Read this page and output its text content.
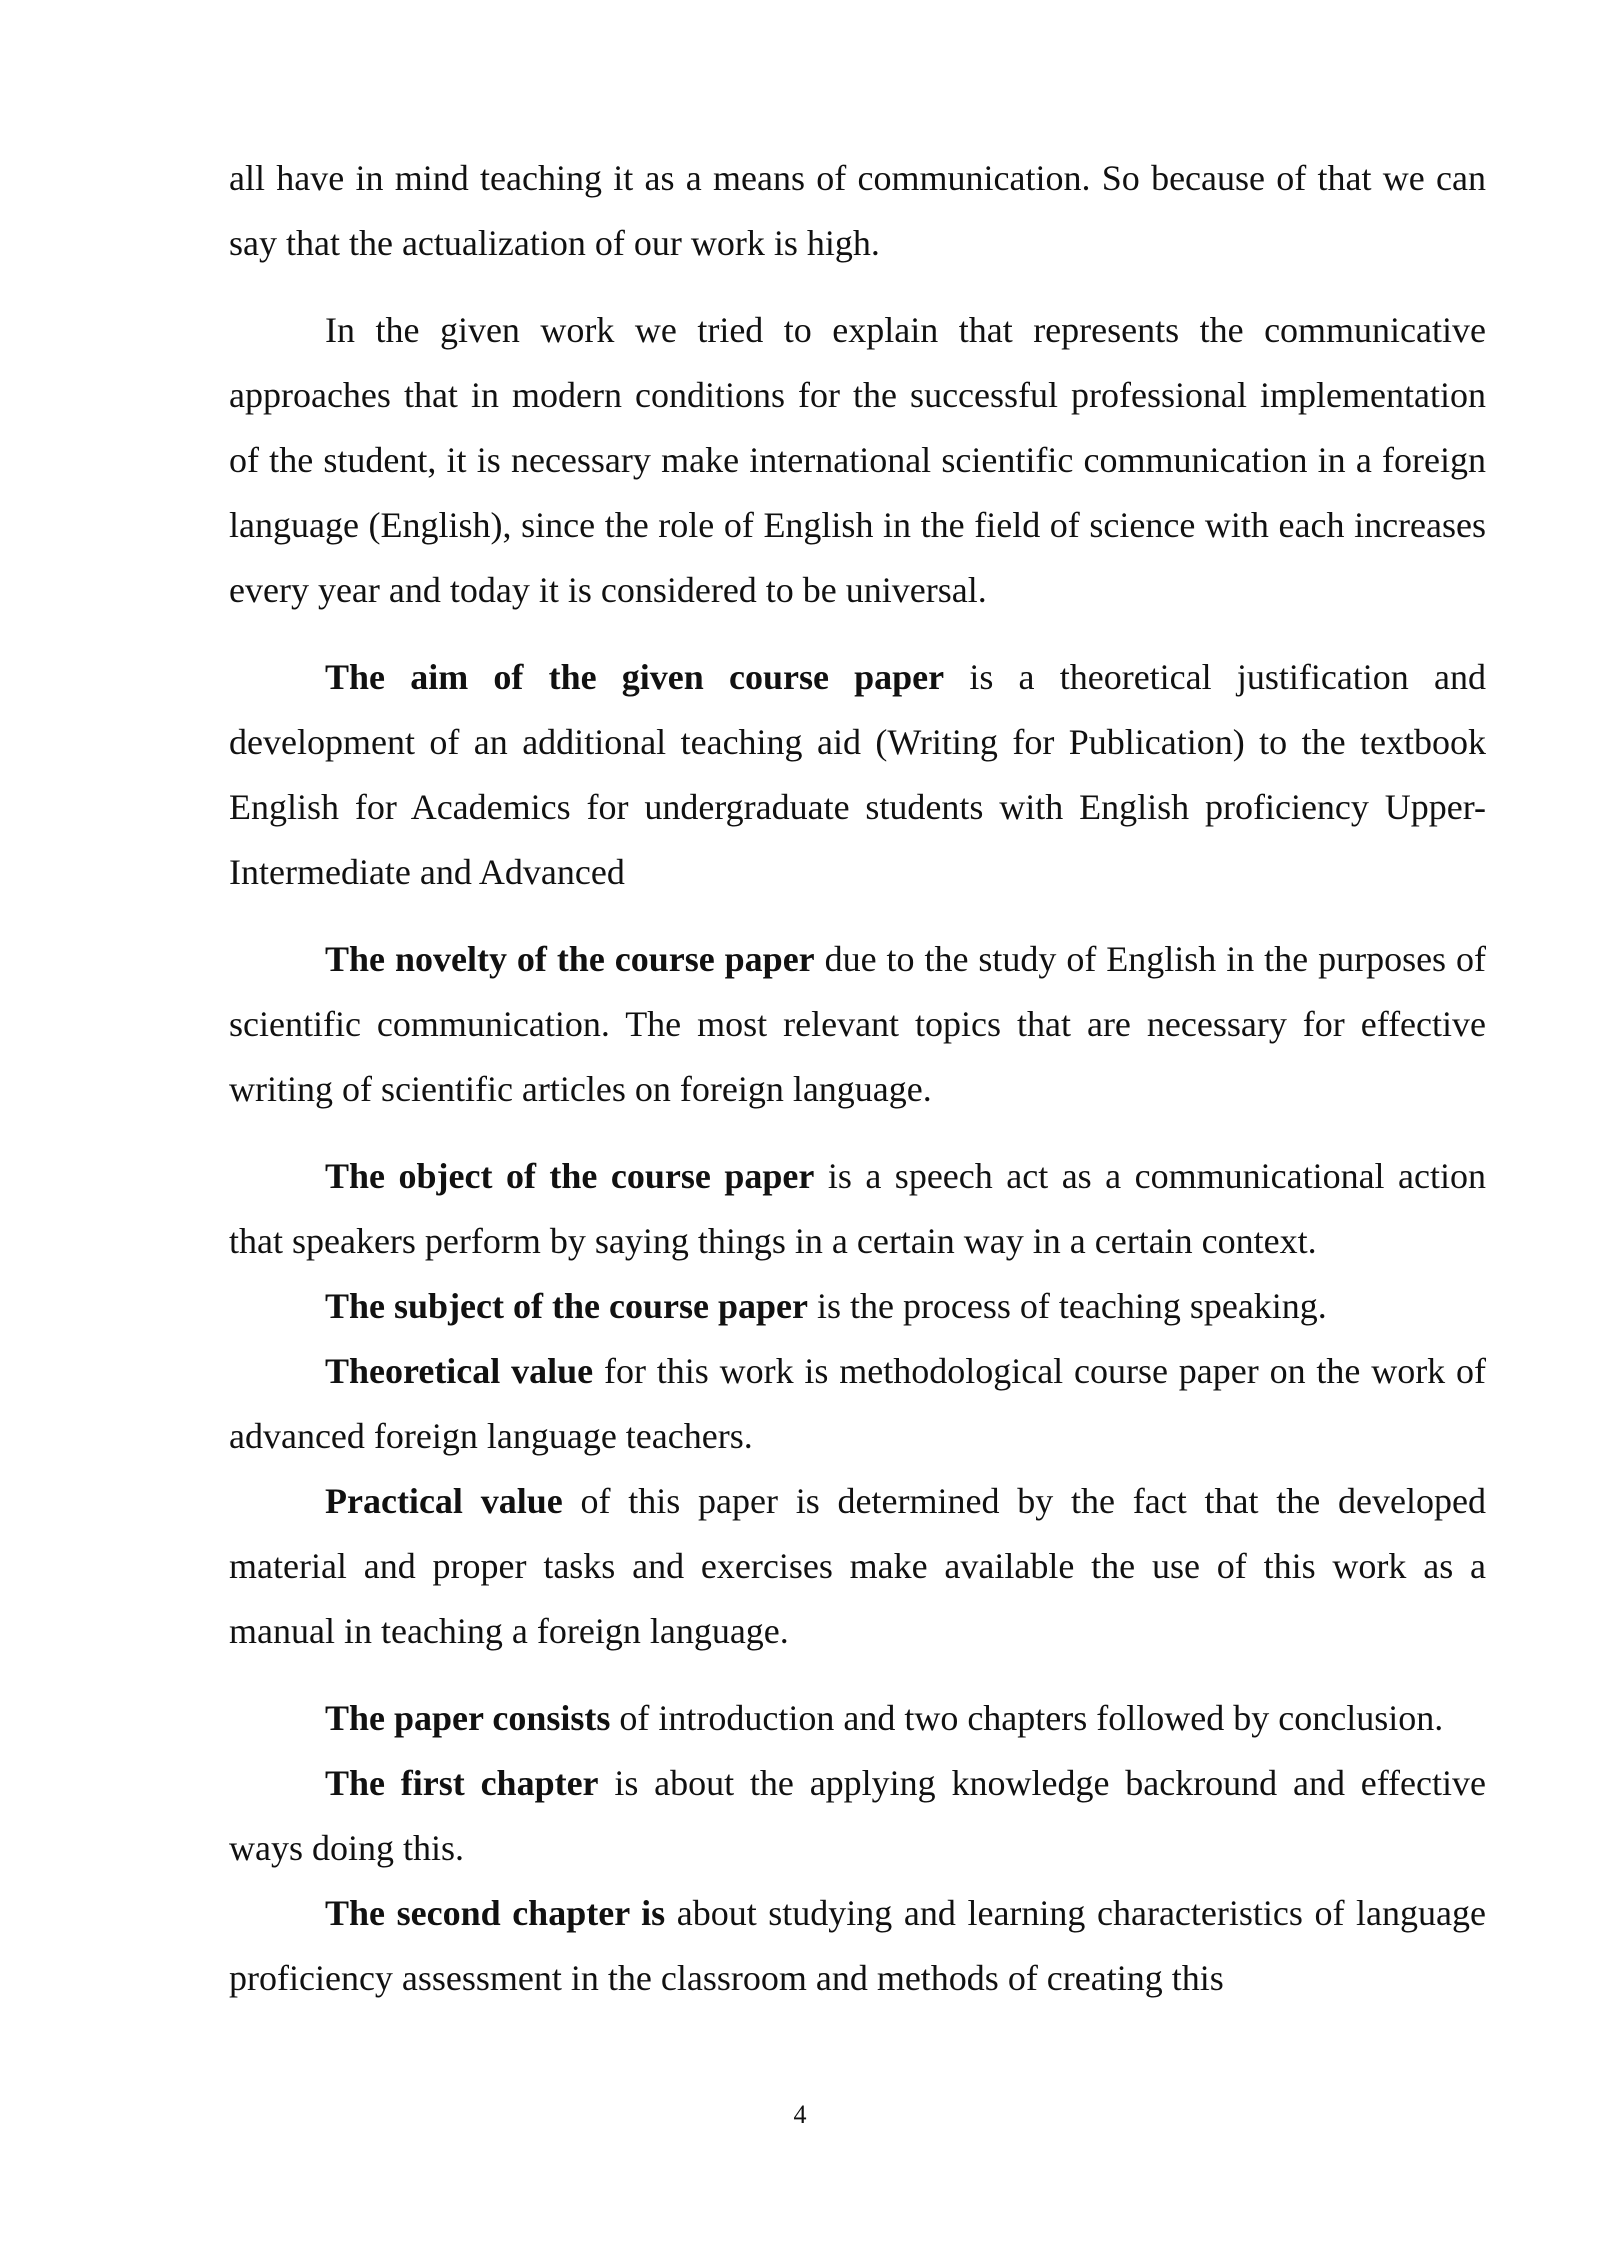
all have in mind teaching it as a means of communication. So because of that we can say that the actualization of our work is high.

In the given work we tried to explain that represents the communicative approaches that in modern conditions for the successful professional implementation of the student, it is necessary make international scientific communication in a foreign language (English), since the role of English in the field of science with each increases every year and today it is considered to be universal.

The aim of the given course paper is a theoretical justification and development of an additional teaching aid (Writing for Publication) to the textbook English for Academics for undergraduate students with English proficiency Upper-Intermediate and Advanced

The novelty of the course paper due to the study of English in the purposes of scientific communication. The most relevant topics that are necessary for effective writing of scientific articles on foreign language.

The object of the course paper is a speech act as a communicational action that speakers perform by saying things in a certain way in a certain context.

The subject of the course paper is the process of teaching speaking.

Theoretical value for this work is methodological course paper on the work of advanced foreign language teachers.

Practical value of this paper is determined by the fact that the developed material and proper tasks and exercises make available the use of this work as a manual in teaching a foreign language.

The paper consists of introduction and two chapters followed by conclusion.

The first chapter is about the applying knowledge backround and effective ways doing this.

The second chapter is about studying and learning characteristics of language proficiency assessment in the classroom and methods of creating this

4
